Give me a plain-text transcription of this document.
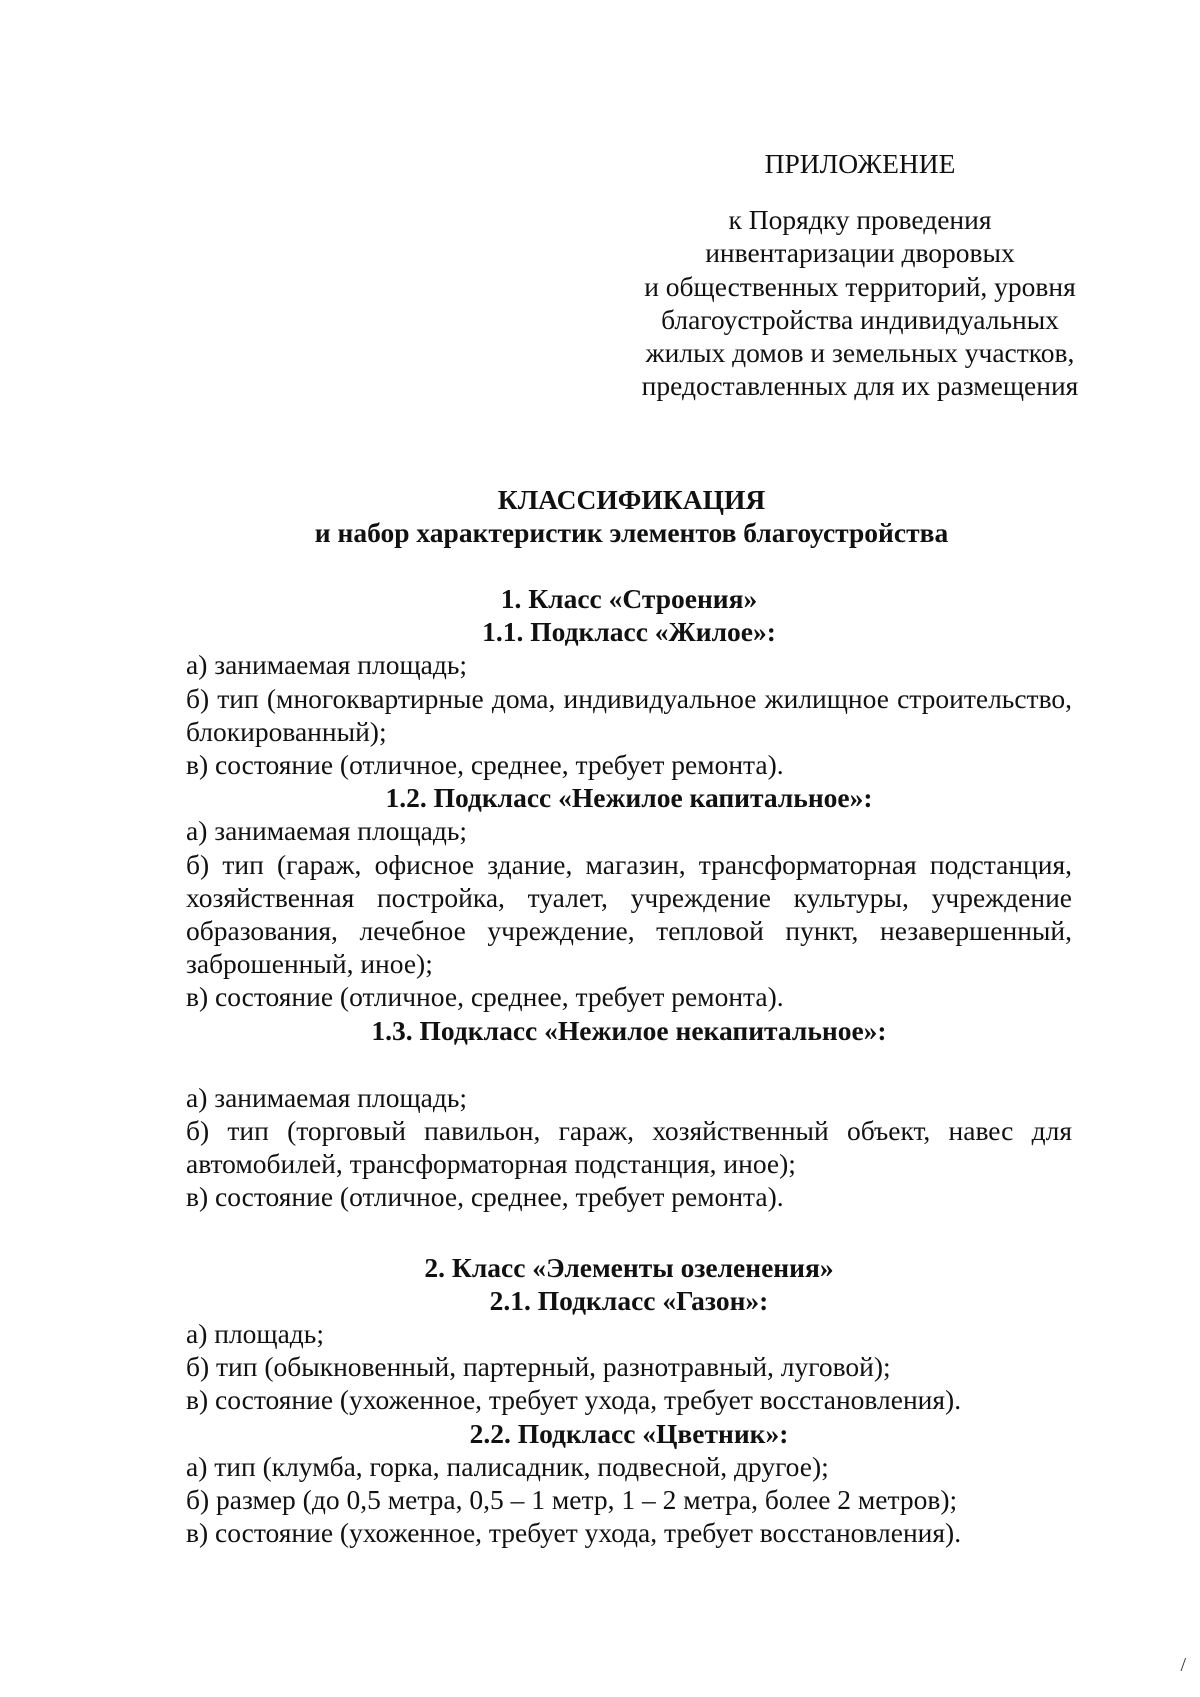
ПРИЛОЖЕНИЕ
к Порядку проведения
инвентаризации дворовых
и общественных территорий, уровня
благоустройства индивидуальных
жилых домов и земельных участков,
предоставленных для их размещения
КЛАССИФИКАЦИЯ
и набор характеристик элементов благоустройства
1. Класс «Строения»
1.1. Подкласс «Жилое»:
а) занимаемая площадь;
б) тип (многоквартирные дома, индивидуальное жилищное строительство, блокированный);
в) состояние (отличное, среднее, требует ремонта).
1.2. Подкласс «Нежилое капитальное»:
а) занимаемая площадь;
б) тип (гараж, офисное здание, магазин, трансформаторная подстанция, хозяйственная постройка, туалет, учреждение культуры, учреждение образования, лечебное учреждение, тепловой пункт, незавершенный, заброшенный, иное);
в) состояние (отличное, среднее, требует ремонта).
1.3. Подкласс «Нежилое некапитальное»:
а) занимаемая площадь;
б) тип (торговый павильон, гараж, хозяйственный объект, навес для автомобилей, трансформаторная подстанция, иное);
в) состояние (отличное, среднее, требует ремонта).
2. Класс «Элементы озеленения»
2.1. Подкласс «Газон»:
а) площадь;
б) тип (обыкновенный, партерный, разнотравный, луговой);
в) состояние (ухоженное, требует ухода, требует восстановления).
2.2. Подкласс «Цветник»:
а) тип (клумба, горка, палисадник, подвесной, другое);
б) размер (до 0,5 метра, 0,5 – 1 метр, 1 – 2 метра, более 2 метров);
в) состояние (ухоженное, требует ухода, требует восстановления).
/
